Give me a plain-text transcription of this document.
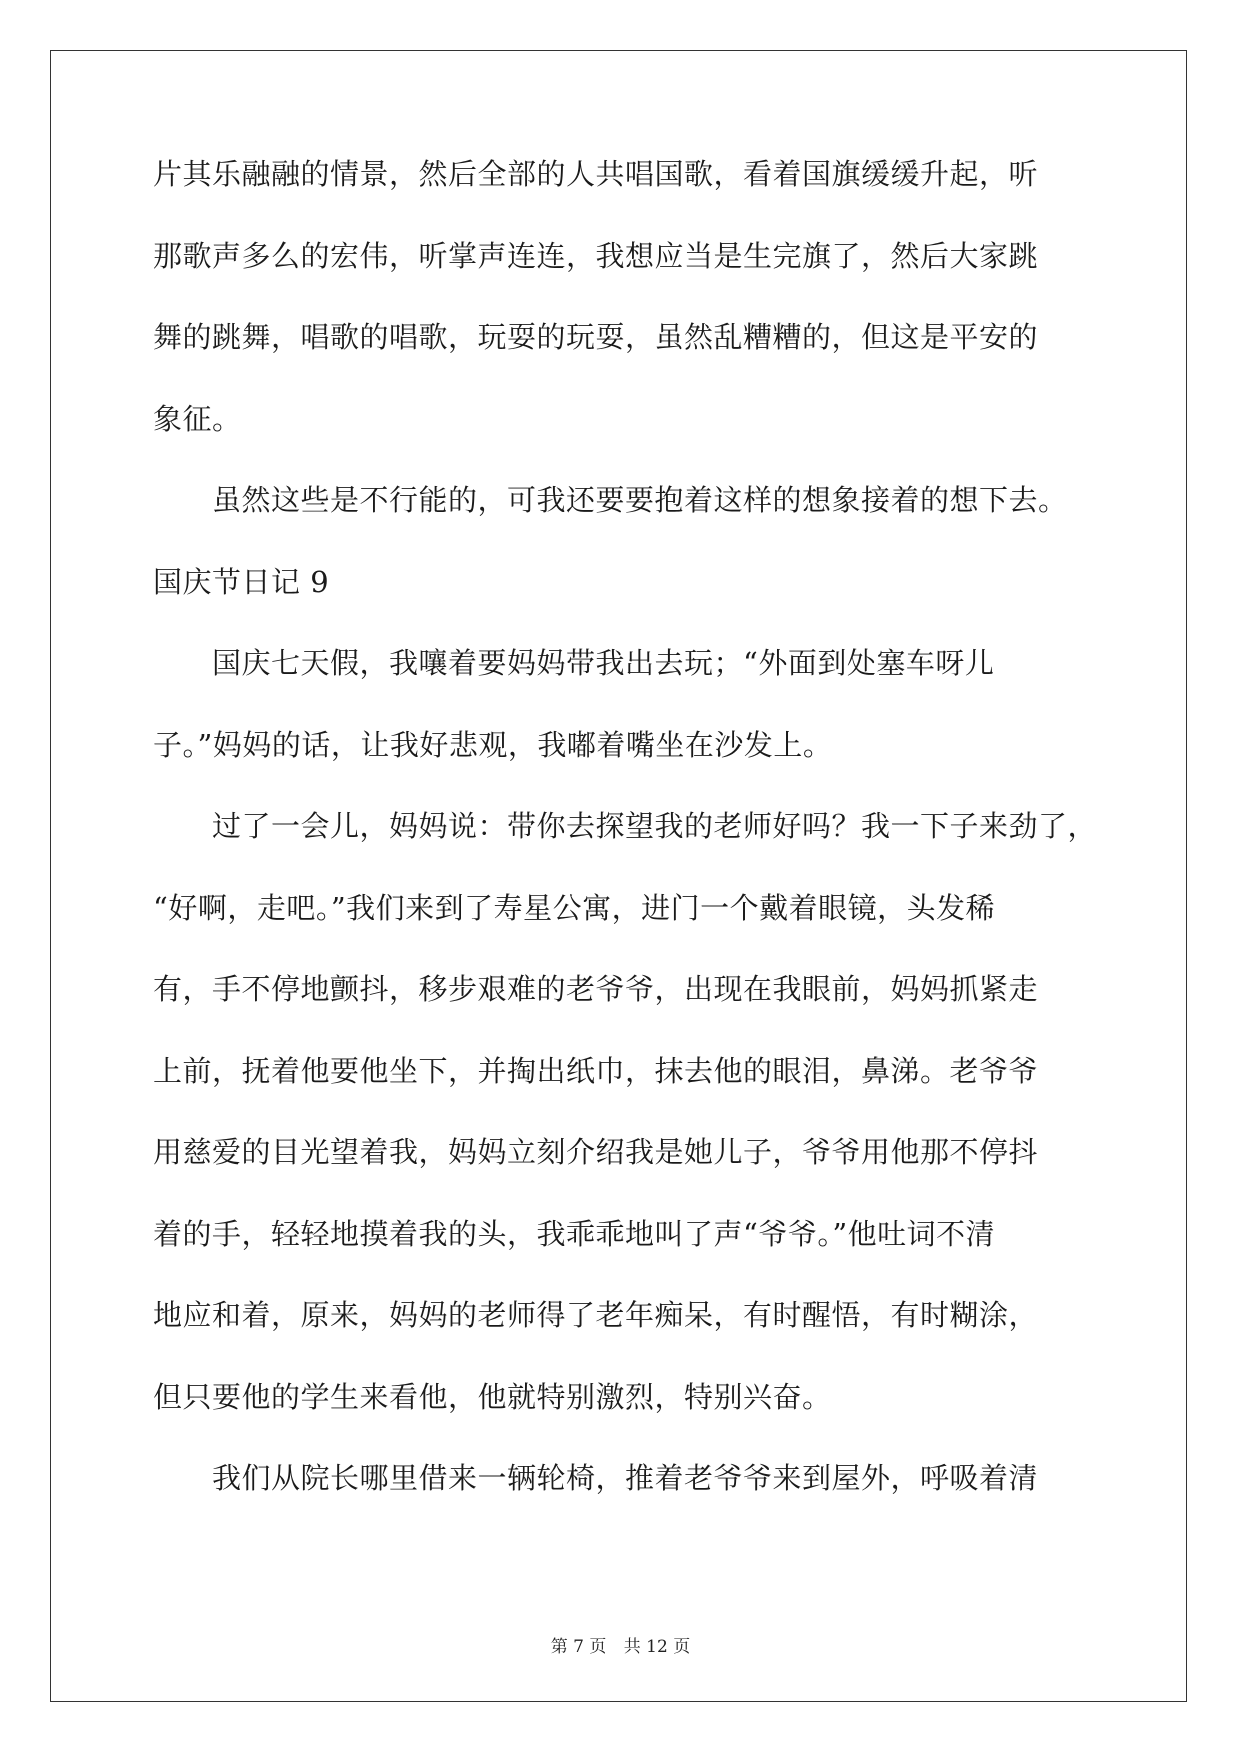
片其乐融融的情景，然后全部的人共唱国歌，看着国旗缓缓升起，听

那歌声多么的宏伟，听掌声连连，我想应当是生完旗了，然后大家跳

舞的跳舞，唱歌的唱歌，玩耍的玩耍，虽然乱糟糟的，但这是平安的

象征。

　　虽然这些是不行能的，可我还要要抱着这样的想象接着的想下去。

国庆节日记 9

　　国庆七天假，我嚷着要妈妈带我出去玩；“外面到处塞车呀儿

子。”妈妈的话，让我好悲观，我嘟着嘴坐在沙发上。

　　过了一会儿，妈妈说：带你去探望我的老师好吗？我一下子来劲了，

“好啊，走吧。”我们来到了寿星公寓，进门一个戴着眼镜，头发稀

有，手不停地颤抖，移步艰难的老爷爷，出现在我眼前，妈妈抓紧走

上前，抚着他要他坐下，并掏出纸巾，抹去他的眼泪，鼻涕。老爷爷

用慈爱的目光望着我，妈妈立刻介绍我是她儿子，爷爷用他那不停抖

着的手，轻轻地摸着我的头，我乖乖地叫了声“爷爷。”他吐词不清

地应和着，原来，妈妈的老师得了老年痴呆，有时醒悟，有时糊涂，

但只要他的学生来看他，他就特别激烈，特别兴奋。

　　我们从院长哪里借来一辆轮椅，推着老爷爷来到屋外，呼吸着清

第 7 页 共 12 页
